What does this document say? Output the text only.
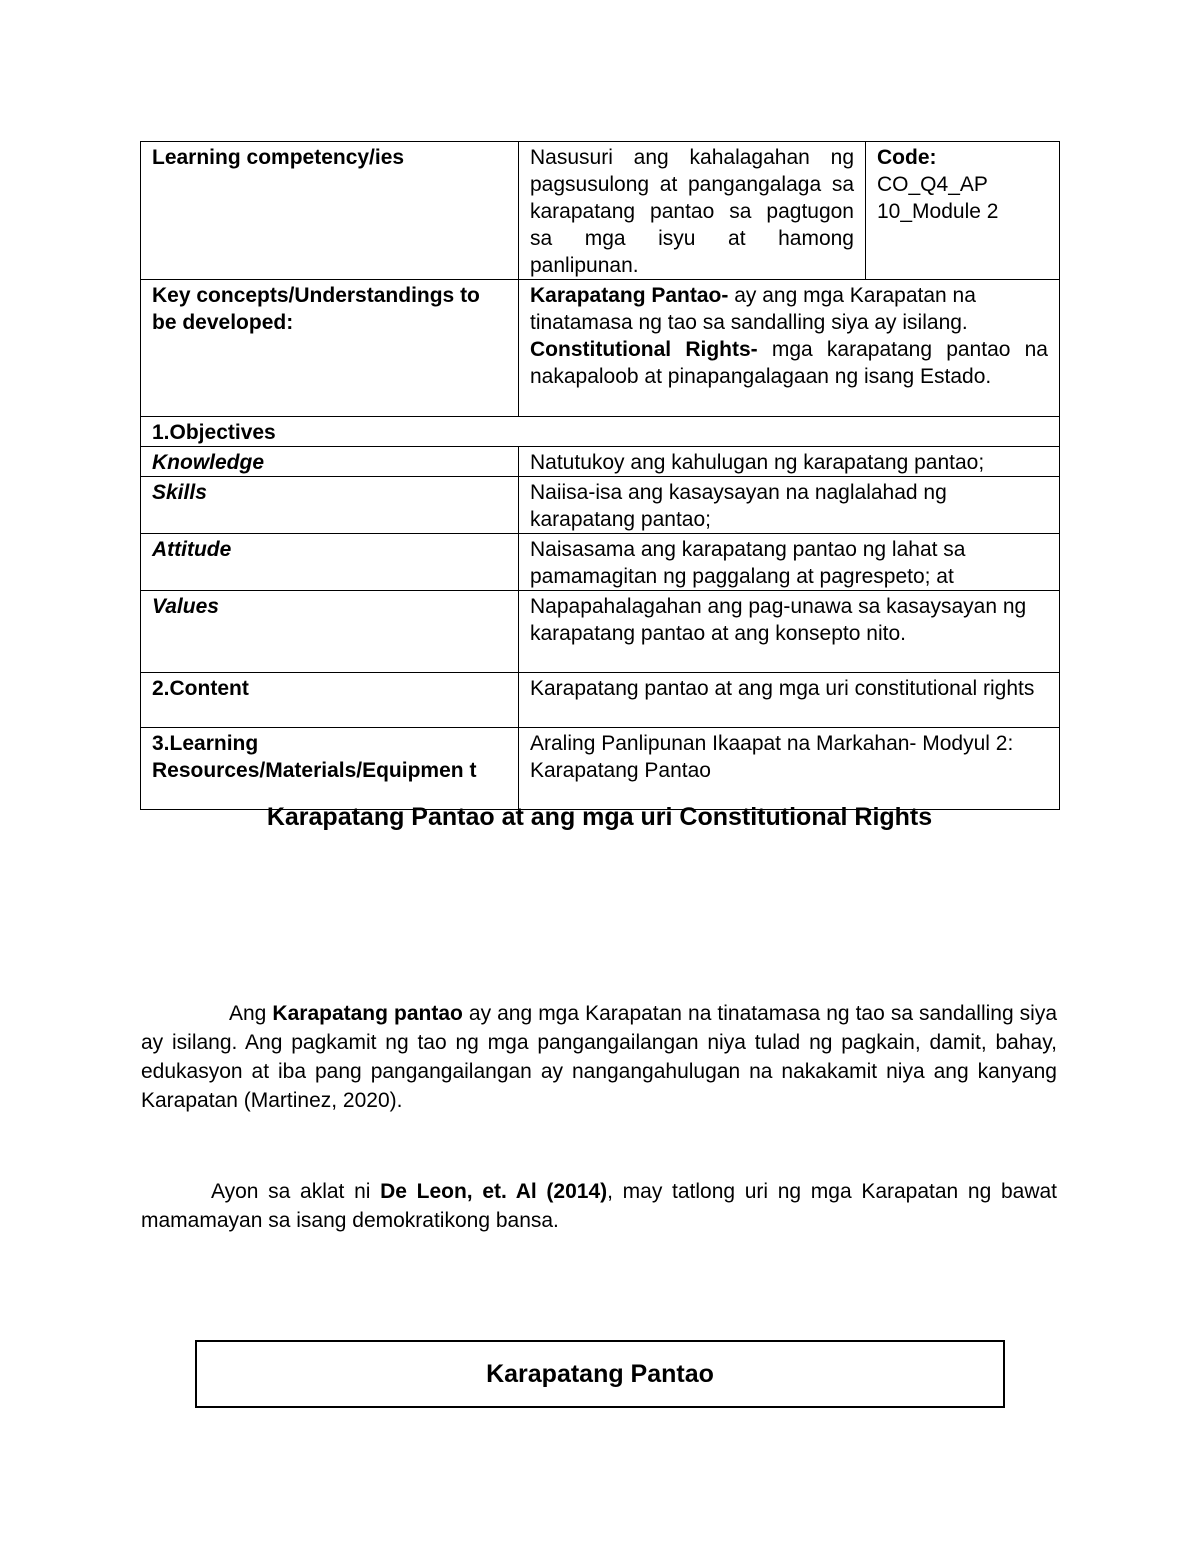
Learning competency/ies	Nasusuri ang kahalagahan ng pagsusulong at pangangalaga sa karapatang pantao sa pagtugon sa mga isyu at hamong panlipunan.	Code:
CO_Q4_AP
10_Module 2

Key concepts/Understandings to be developed:	Karapatang Pantao- ay ang mga Karapatan na tinatamasa ng tao sa sandalling siya ay isilang.
Constitutional Rights- mga karapatang pantao na nakapaloob at pinapangalagaan ng isang Estado.	

1.Objectives		
Knowledge	Natutukoy ang kahulugan ng karapatang pantao;	
Skills	Naiisa-isa ang kasaysayan na naglalahad ng karapatang pantao;	
Attitude	Naisasama ang karapatang pantao ng lahat sa pamamagitan ng paggalang at pagrespeto; at	
Values	Napapahalagahan ang pag-unawa sa kasaysayan ng karapatang pantao at ang konsepto nito.	
2.Content	Karapatang pantao at ang mga uri constitutional rights	
3.Learning Resources/Materials/Equipmen t	Araling Panlipunan Ikaapat na Markahan- Modyul 2: Karapatang Pantao	
Karapatang Pantao at ang mga uri Constitutional Rights
Ang Karapatang pantao ay ang mga Karapatan na tinatamasa ng tao sa sandalling siya ay isilang. Ang pagkamit ng tao ng mga pangangailangan niya tulad ng pagkain, damit, bahay, edukasyon at iba pang pangangailangan ay nangangahulugan na nakakamit niya ang kanyang Karapatan (Martinez, 2020).
Ayon sa aklat ni De Leon, et. Al (2014), may tatlong uri ng mga Karapatan ng bawat mamamayan sa isang demokratikong bansa.
Karapatang Pantao
